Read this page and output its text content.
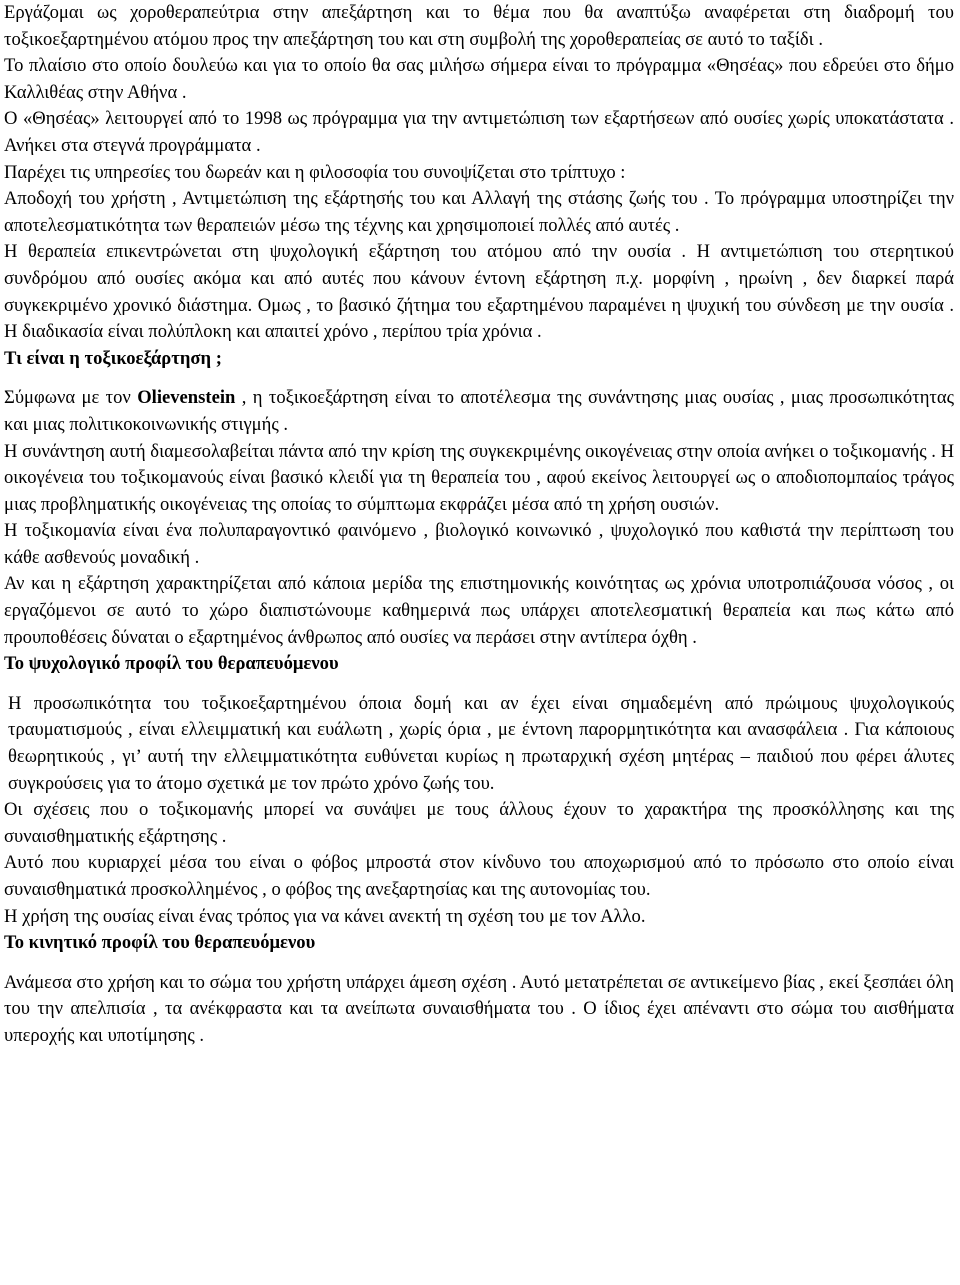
Εργάζομαι ως χοροθεραπεύτρια στην απεξάρτηση και το θέμα που θα αναπτύξω αναφέρεται στη διαδρομή του τοξικοεξαρτημένου ατόμου προς την απεξάρτηση του και στη συμβολή της χοροθεραπείας σε αυτό το ταξίδι .

Το πλαίσιο στο οποίο δουλεύω και για το οποίο θα σας μιλήσω σήμερα είναι το πρόγραμμα «Θησέας» που εδρεύει στο δήμο Καλλιθέας στην Αθήνα .

Ο «Θησέας» λειτουργεί από το 1998 ως πρόγραμμα για την αντιμετώπιση των εξαρτήσεων από ουσίες χωρίς υποκατάστατα . Ανήκει στα στεγνά προγράμματα .

Παρέχει τις υπηρεσίες του δωρεάν και η φιλοσοφία του συνοψίζεται στο τρίπτυχο :

Αποδοχή του χρήστη , Αντιμετώπιση της εξάρτησής του και Αλλαγή της στάσης ζωής του . Το πρόγραμμα υποστηρίζει την αποτελεσματικότητα των θεραπειών μέσω της τέχνης και χρησιμοποιεί πολλές από αυτές .

Η θεραπεία επικεντρώνεται στη ψυχολογική εξάρτηση του ατόμου από την ουσία . Η αντιμετώπιση του στερητικού συνδρόμου από ουσίες ακόμα και από αυτές που κάνουν έντονη εξάρτηση π.χ. μορφίνη , ηρωίνη , δεν διαρκεί παρά συγκεκριμένο χρονικό διάστημα. Ομως , το βασικό ζήτημα του εξαρτημένου παραμένει η ψυχική του σύνδεση με την ουσία . Η διαδικασία είναι πολύπλοκη και απαιτεί χρόνο , περίπου τρία χρόνια .

Τι είναι η τοξικοεξάρτηση ;

Σύμφωνα με τον Olievenstein , η τοξικοεξάρτηση είναι το αποτέλεσμα της συνάντησης μιας ουσίας , μιας προσωπικότητας και μιας πολιτικοκοινωνικής στιγμής .

Η συνάντηση αυτή διαμεσολαβείται πάντα από την κρίση της συγκεκριμένης οικογένειας στην οποία ανήκει ο τοξικομανής . Η οικογένεια του τοξικομανούς είναι βασικό κλειδί για τη θεραπεία του , αφού εκείνος λειτουργεί ως ο αποδιοπομπαίος τράγος μιας προβληματικής οικογένειας της οποίας το σύμπτωμα εκφράζει μέσα από τη χρήση ουσιών.

Η τοξικομανία είναι ένα πολυπαραγοντικό φαινόμενο , βιολογικό κοινωνικό , ψυχολογικό που καθιστά την περίπτωση του κάθε ασθενούς μοναδική .

Αν και η εξάρτηση χαρακτηρίζεται από κάποια μερίδα της επιστημονικής κοινότητας ως χρόνια υποτροπιάζουσα νόσος , οι εργαζόμενοι σε αυτό το χώρο διαπιστώνουμε καθημερινά πως υπάρχει αποτελεσματική θεραπεία και πως κάτω από προυποθέσεις δύναται ο εξαρτημένος άνθρωπος από ουσίες να περάσει στην αντίπερα όχθη .

Το ψυχολογικό προφίλ του θεραπευόμενου

Η προσωπικότητα του τοξικοεξαρτημένου όποια δομή και αν έχει είναι σημαδεμένη από πρώιμους ψυχολογικούς τραυματισμούς , είναι ελλειμματική και ευάλωτη , χωρίς όρια , με έντονη παρορμητικότητα και ανασφάλεια . Για κάποιους θεωρητικούς , γι’ αυτή την ελλειμματικότητα ευθύνεται κυρίως η πρωταρχική σχέση μητέρας – παιδιού που φέρει άλυτες συγκρούσεις για το άτομο σχετικά με τον πρώτο χρόνο ζωής του.

Οι σχέσεις που ο τοξικομανής μπορεί να συνάψει με τους άλλους έχουν το χαρακτήρα της προσκόλλησης και της συναισθηματικής εξάρτησης .

Αυτό που κυριαρχεί μέσα του είναι ο φόβος μπροστά στον κίνδυνο του αποχωρισμού από το πρόσωπο στο οποίο είναι συναισθηματικά προσκολλημένος , ο φόβος της ανεξαρτησίας και της αυτονομίας του.

Η χρήση της ουσίας είναι ένας τρόπος για να κάνει ανεκτή τη σχέση του με τον Αλλο.

Το κινητικό προφίλ του θεραπευόμενου

Ανάμεσα στο χρήση και το σώμα του χρήστη υπάρχει άμεση σχέση . Αυτό μετατρέπεται σε αντικείμενο βίας , εκεί ξεσπάει όλη του την απελπισία , τα ανέκφραστα και τα ανείπωτα συναισθήματα του . Ο ίδιος έχει απέναντι στο σώμα του αισθήματα υπεροχής και υποτίμησης .
